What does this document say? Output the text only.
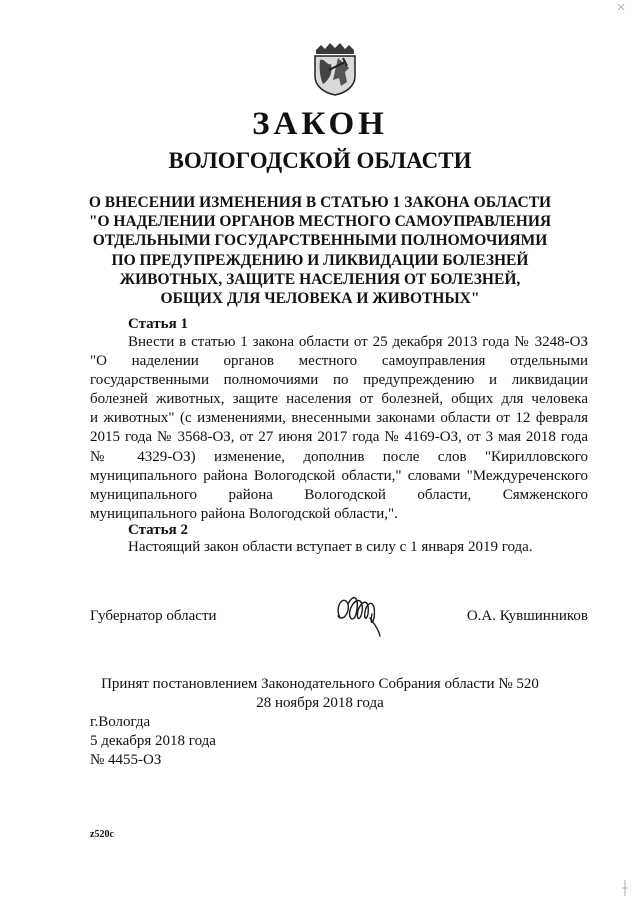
ЗАКОН
ВОЛОГОДСКОЙ ОБЛАСТИ
О ВНЕСЕНИИ ИЗМЕНЕНИЯ В СТАТЬЮ 1 ЗАКОНА ОБЛАСТИ
"О НАДЕЛЕНИИ ОРГАНОВ МЕСТНОГО САМОУПРАВЛЕНИЯ
ОТДЕЛЬНЫМИ ГОСУДАРСТВЕННЫМИ ПОЛНОМОЧИЯМИ
ПО ПРЕДУПРЕЖДЕНИЮ И ЛИКВИДАЦИИ БОЛЕЗНЕЙ
ЖИВОТНЫХ, ЗАЩИТЕ НАСЕЛЕНИЯ ОТ БОЛЕЗНЕЙ,
ОБЩИХ ДЛЯ ЧЕЛОВЕКА И ЖИВОТНЫХ"
Статья 1
Внести в статью 1 закона области от 25 декабря 2013 года № 3248-ОЗ
"О наделении органов местного самоуправления отдельными
государственными полномочиями по предупреждению и ликвидации
болезней животных, защите населения от болезней, общих для человека
и животных" (с изменениями, внесенными законами области от 12 февраля
2015 года № 3568-ОЗ, от 27 июня 2017 года № 4169-ОЗ, от 3 мая 2018 года
№ 4329-ОЗ) изменение, дополнив после слов "Кирилловского
муниципального района Вологодской области," словами "Междуреченского
муниципального района Вологодской области, Сямженского
муниципального района Вологодской области,".
Статья 2
Настоящий закон области вступает в силу с 1 января 2019 года.
Губернатор области	О.А. Кувшинников
Принят постановлением Законодательного Собрания области № 520
28 ноября 2018 года
г.Вологда
5 декабря 2018 года
№ 4455-ОЗ
z520c
